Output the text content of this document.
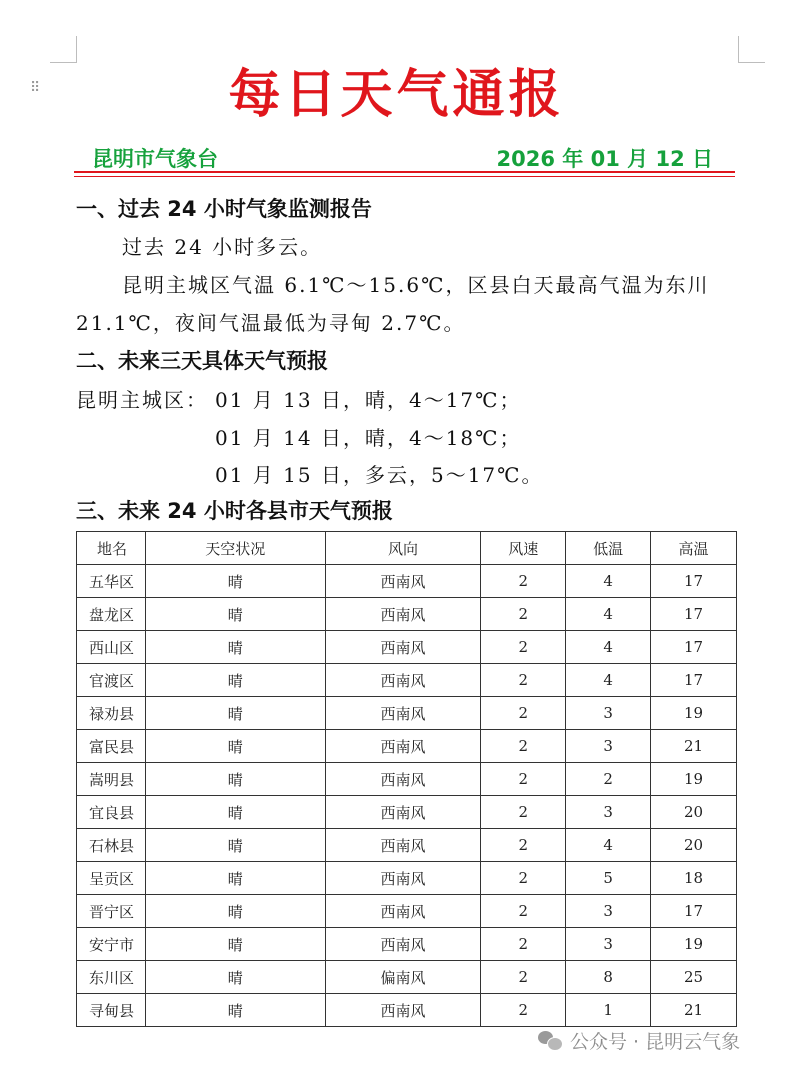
⠿	每日天气通报
昆明市气象台	2026 年 01 月 12 日
一、过去 24 小时气象监测报告
过去 24 小时多云。
昆明主城区气温 6.1℃～15.6℃，区县白天最高气温为东川 21.1℃，夜间气温最低为寻甸 2.7℃。
二、未来三天具体天气预报
昆明主城区： 01 月 13 日，晴，4～17℃；
01 月 14 日，晴，4～18℃；
01 月 15 日，多云，5～17℃。
三、未来 24 小时各县市天气预报
地名	天空状况	风向	风速	低温	高温
五华区	晴	西南风	2	4	17
盘龙区	晴	西南风	2	4	17
西山区	晴	西南风	2	4	17
官渡区	晴	西南风	2	4	17
禄劝县	晴	西南风	2	3	19
富民县	晴	西南风	2	3	21
嵩明县	晴	西南风	2	2	19
宜良县	晴	西南风	2	3	20
石林县	晴	西南风	2	4	20
呈贡区	晴	西南风	2	5	18
晋宁区	晴	西南风	2	3	17
安宁市	晴	西南风	2	3	19
东川区	晴	偏南风	2	8	25
寻甸县	晴	西南风	2	1	21
公众号 · 昆明云气象
